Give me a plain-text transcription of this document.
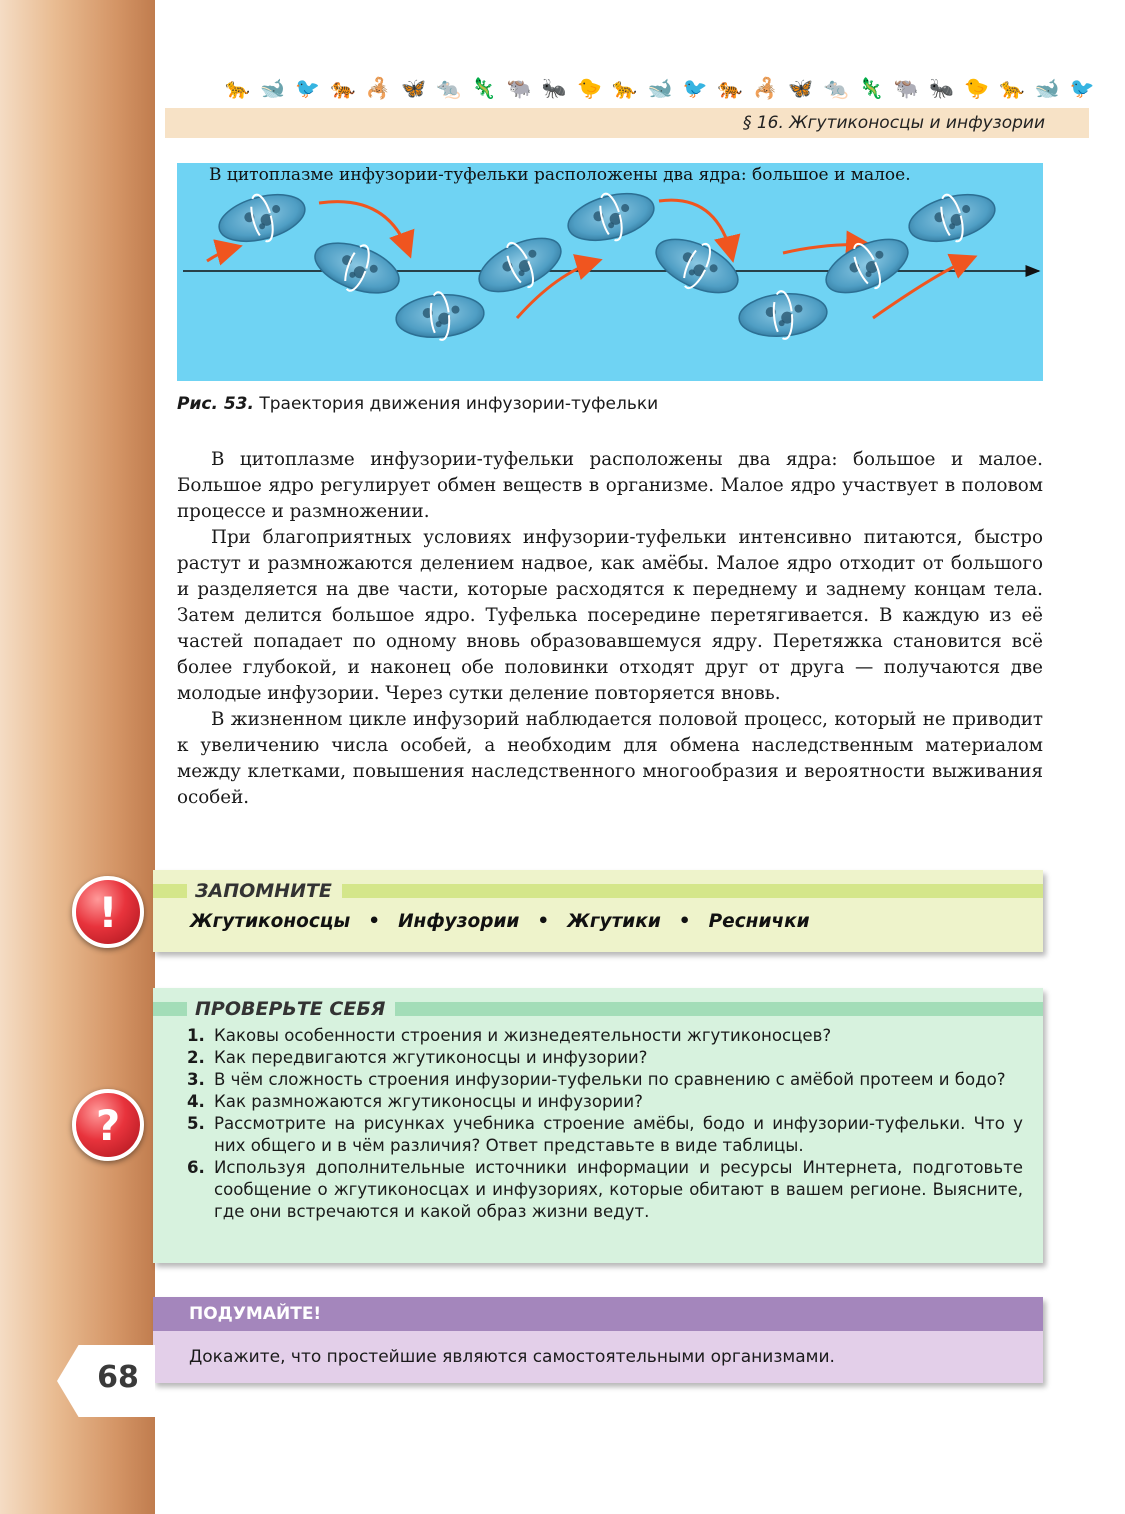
🐆 🐋 🐦 🐅 🦂 🦋 🐀 🦎 🐃 🐜 🐤 🐆 🐋 🐦 🐅 🦂 🦋 🐀 🦎 🐃 🐜 🐤 🐆 🐋 🐦
§ 16. Жгутиконосцы и инфузории
В цитоплазме инфузории-туфельки расположены два ядра: большое и малое.
Рис. 53. Траектория движения инфузории-туфельки

В цитоплазме инфузории-туфельки расположены два ядра: большое и малое. Большое ядро регулирует обмен веществ в организме. Малое ядро участвует в половом процессе и размножении.

При благоприятных условиях инфузории-туфельки интенсивно питаются, быстро растут и размножаются делением надвое, как амёбы. Малое ядро отходит от большого и разделяется на две части, которые расходятся к переднему и заднему концам тела. Затем делится большое ядро. Туфелька посередине перетягивается. В каждую из её частей попадает по одному вновь образовавшемуся ядру. Перетяжка становится всё более глубокой, и наконец обе половинки отходят друг от друга — получаются две молодые инфузории. Через сутки деление повторяется вновь.

В жизненном цикле инфузорий наблюдается половой процесс, который не приводит к увеличению числа особей, а необходим для обмена наследственным материалом между клетками, повышения наследственного многообразия и вероятности выживания особей.

!	ЗАПОМНИТЕ
Жгутиконосцы • Инфузории • Жгутики • Реснички
?
ПРОВЕРЬТЕ СЕБЯ
1. Каковы особенности строения и жизнедеятельности жгутиконосцев?
2. Как передвигаются жгутиконосцы и инфузории?
3. В чём сложность строения инфузории-туфельки по сравнению с амёбой протеем и бодо?
4. Как размножаются жгутиконосцы и инфузории?
5. Рассмотрите на рисунках учебника строение амёбы, бодо и инфузории-туфельки. Что у них общего и в чём различия? Ответ представьте в виде таблицы.
6. Используя дополнительные источники информации и ресурсы Интернета, подготовьте сообщение о жгутиконосцах и инфузориях, которые обитают в вашем регионе. Выясните, где они встречаются и какой образ жизни ведут.
ПОДУМАЙТЕ!
Докажите, что простейшие являются самостоятельными организмами.
68
